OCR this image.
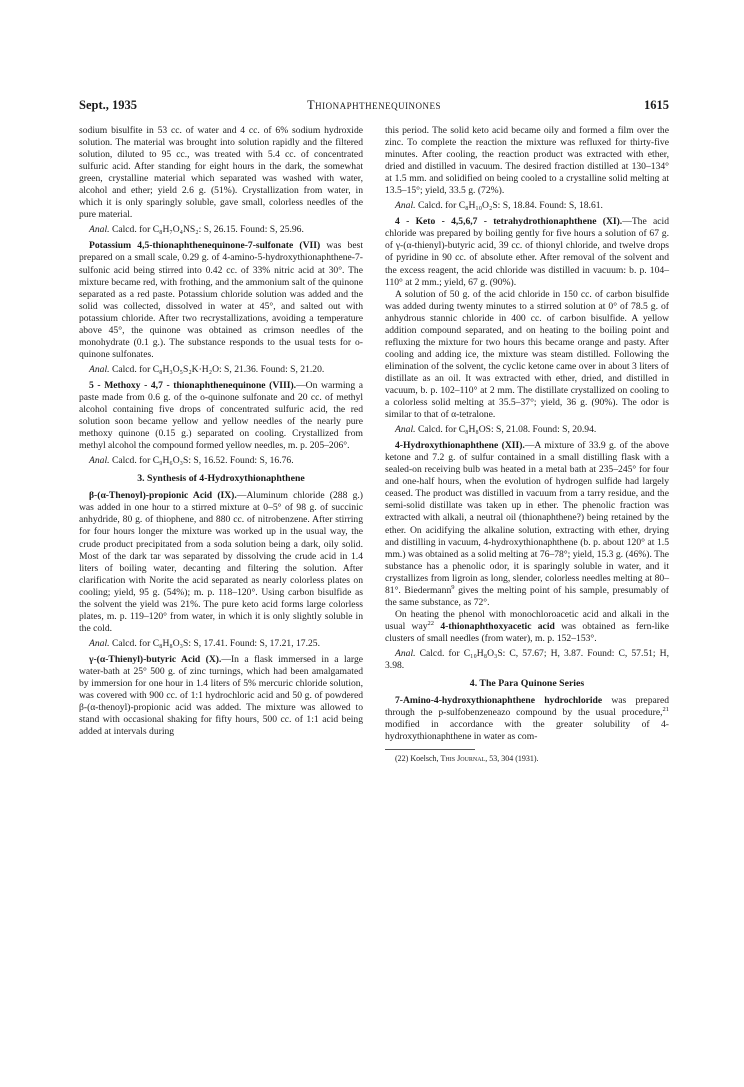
Sept., 1935	Thionaphthenequinones	1615

sodium bisulfite in 53 cc. of water and 4 cc. of 6% sodium hydroxide solution. The material was brought into solution rapidly and the filtered solution, diluted to 95 cc., was treated with 5.4 cc. of concentrated sulfuric acid. After standing for eight hours in the dark, the somewhat green, crystalline material which separated was washed with water, alcohol and ether; yield 2.6 g. (51%). Crystallization from water, in which it is only sparingly soluble, gave small, colorless needles of the pure material.

Anal. Calcd. for C₈H₇O₄NS₂: S, 26.15. Found: S, 25.96.

Potassium 4,5-thionaphthenequinone-7-sulfonate (VII) was best prepared on a small scale, 0.29 g. of 4-amino-5-hydroxythionaphthene-7-sulfonic acid being stirred into 0.42 cc. of 33% nitric acid at 30°. The mixture became red, with frothing, and the ammonium salt of the quinone separated as a red paste. Potassium chloride solution was added and the solid was collected, dissolved in water at 45°, and salted out with potassium chloride. After two recrystallizations, avoiding a temperature above 45°, the quinone was obtained as crimson needles of the monohydrate (0.1 g.). The substance responds to the usual tests for o-quinone sulfonates.

Anal. Calcd. for C₈H₃O₅S₂K·H₂O: S, 21.36. Found: S, 21.20.

5 - Methoxy - 4,7 - thionaphthenequinone (VIII).—On warming a paste made from 0.6 g. of the o-quinone sulfonate and 20 cc. of methyl alcohol containing five drops of concentrated sulfuric acid, the red solution soon became yellow and yellow needles of the nearly pure methoxy quinone (0.15 g.) separated on cooling. Crystallized from methyl alcohol the compound formed yellow needles, m. p. 205–206°.

Anal. Calcd. for C₉H₆O₃S: S, 16.52. Found: S, 16.76.

3. Synthesis of 4-Hydroxythionaphthene

β-(α-Thenoyl)-propionic Acid (IX).—Aluminum chloride (288 g.) was added in one hour to a stirred mixture at 0–5° of 98 g. of succinic anhydride, 80 g. of thiophene, and 880 cc. of nitrobenzene. After stirring for four hours longer the mixture was worked up in the usual way, the crude product precipitated from a soda solution being a dark, oily solid. Most of the dark tar was separated by dissolving the crude acid in 1.4 liters of boiling water, decanting and filtering the solution. After clarification with Norite the acid separated as nearly colorless plates on cooling; yield, 95 g. (54%); m. p. 118–120°. Using carbon bisulfide as the solvent the yield was 21%. The pure keto acid forms large colorless plates, m. p. 119–120° from water, in which it is only slightly soluble in the cold.

Anal. Calcd. for C₈H₈O₃S: S, 17.41. Found: S, 17.21, 17.25.

γ-(α-Thienyl)-butyric Acid (X).—In a flask immersed in a large water-bath at 25° 500 g. of zinc turnings, which had been amalgamated by immersion for one hour in 1.4 liters of 5% mercuric chloride solution, was covered with 900 cc. of 1:1 hydrochloric acid and 50 g. of powdered β-(α-thenoyl)-propionic acid was added. The mixture was allowed to stand with occasional shaking for fifty hours, 500 cc. of 1:1 acid being added at intervals during

this period. The solid keto acid became oily and formed a film over the zinc. To complete the reaction the mixture was refluxed for thirty-five minutes. After cooling, the reaction product was extracted with ether, dried and distilled in vacuum. The desired fraction distilled at 130–134° at 1.5 mm. and solidified on being cooled to a crystalline solid melting at 13.5–15°; yield, 33.5 g. (72%).

Anal. Calcd. for C₈H₁₀O₂S: S, 18.84. Found: S, 18.61.

4 - Keto - 4,5,6,7 - tetrahydrothionaphthene (XI).—The acid chloride was prepared by boiling gently for five hours a solution of 67 g. of γ-(α-thienyl)-butyric acid, 39 cc. of thionyl chloride, and twelve drops of pyridine in 90 cc. of absolute ether. After removal of the solvent and the excess reagent, the acid chloride was distilled in vacuum: b. p. 104–110° at 2 mm.; yield, 67 g. (90%).

A solution of 50 g. of the acid chloride in 150 cc. of carbon bisulfide was added during twenty minutes to a stirred solution at 0° of 78.5 g. of anhydrous stannic chloride in 400 cc. of carbon bisulfide. A yellow addition compound separated, and on heating to the boiling point and refluxing the mixture for two hours this became orange and pasty. After cooling and adding ice, the mixture was steam distilled. Following the elimination of the solvent, the cyclic ketone came over in about 3 liters of distillate as an oil. It was extracted with ether, dried, and distilled in vacuum, b. p. 102–110° at 2 mm. The distillate crystallized on cooling to a colorless solid melting at 35.5–37°; yield, 36 g. (90%). The odor is similar to that of α-tetralone.

Anal. Calcd. for C₈H₈OS: S, 21.08. Found: S, 20.94.

4-Hydroxythionaphthene (XII).—A mixture of 33.9 g. of the above ketone and 7.2 g. of sulfur contained in a small distilling flask with a sealed-on receiving bulb was heated in a metal bath at 235–245° for four and one-half hours, when the evolution of hydrogen sulfide had largely ceased. The product was distilled in vacuum from a tarry residue, and the semi-solid distillate was taken up in ether. The phenolic fraction was extracted with alkali, a neutral oil (thionaphthene?) being retained by the ether. On acidifying the alkaline solution, extracting with ether, drying and distilling in vacuum, 4-hydroxythionaphthene (b. p. about 120° at 1.5 mm.) was obtained as a solid melting at 76–78°; yield, 15.3 g. (46%). The substance has a phenolic odor, it is sparingly soluble in water, and it crystallizes from ligroin as long, slender, colorless needles melting at 80–81°. Biedermann$^9$ gives the melting point of his sample, presumably of the same substance, as 72°.

On heating the phenol with monochloroacetic acid and alkali in the usual way$^{22}$ 4-thionaphthoxyacetic acid was obtained as fern-like clusters of small needles (from water), m. p. 152–153°.

Anal. Calcd. for C₁₀H₈O₃S: C, 57.67; H, 3.87. Found: C, 57.51; H, 3.98.

4. The Para Quinone Series

7-Amino-4-hydroxythionaphthene hydrochloride was prepared through the p-sulfobenzeneazo compound by the usual procedure,$^{21}$ modified in accordance with the greater solubility of 4-hydroxythionaphthene in water as com-

(22) Koelsch, This Journal, 53, 304 (1931).
